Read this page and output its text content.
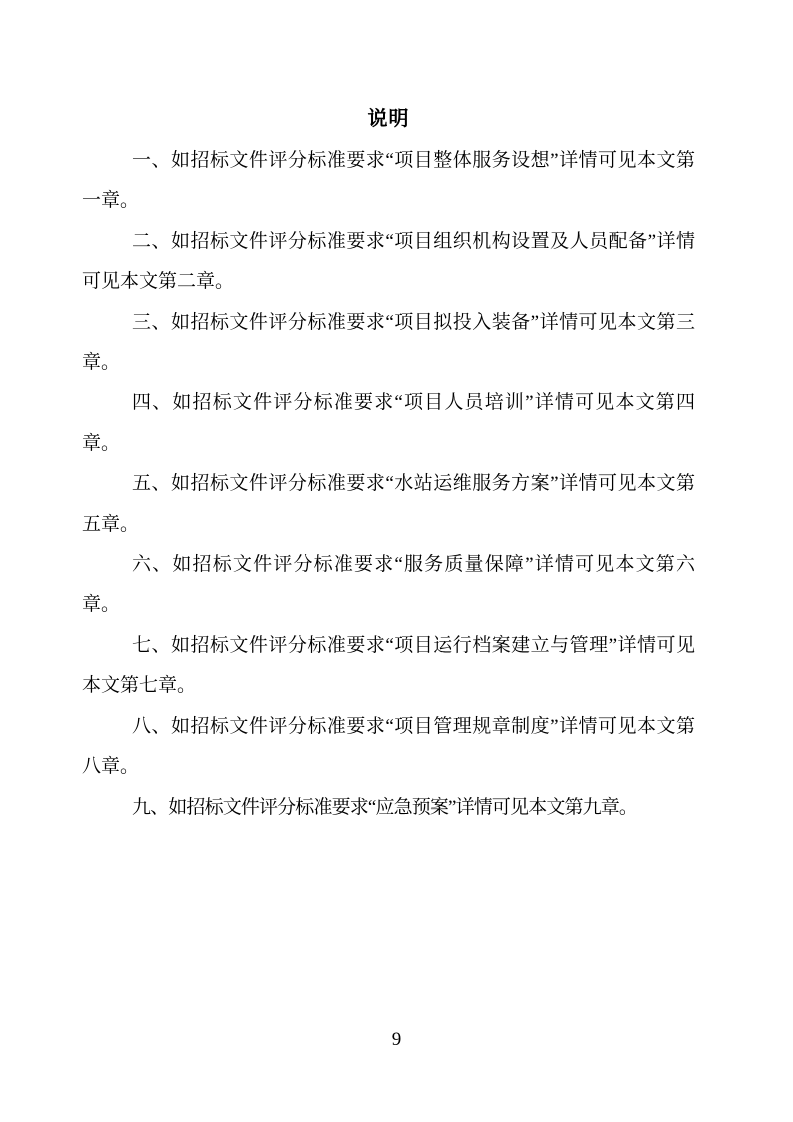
说明

一、如招标文件评分标准要求“项目整体服务设想”详情可见本文第一章。

二、如招标文件评分标准要求“项目组织机构设置及人员配备”详情可见本文第二章。

三、如招标文件评分标准要求“项目拟投入装备”详情可见本文第三章。

四、如招标文件评分标准要求“项目人员培训”详情可见本文第四章。

五、如招标文件评分标准要求“水站运维服务方案”详情可见本文第五章。

六、如招标文件评分标准要求“服务质量保障”详情可见本文第六章。

七、如招标文件评分标准要求“项目运行档案建立与管理”详情可见本文第七章。

八、如招标文件评分标准要求“项目管理规章制度”详情可见本文第八章。

九、如招标文件评分标准要求“应急预案”详情可见本文第九章。

9
